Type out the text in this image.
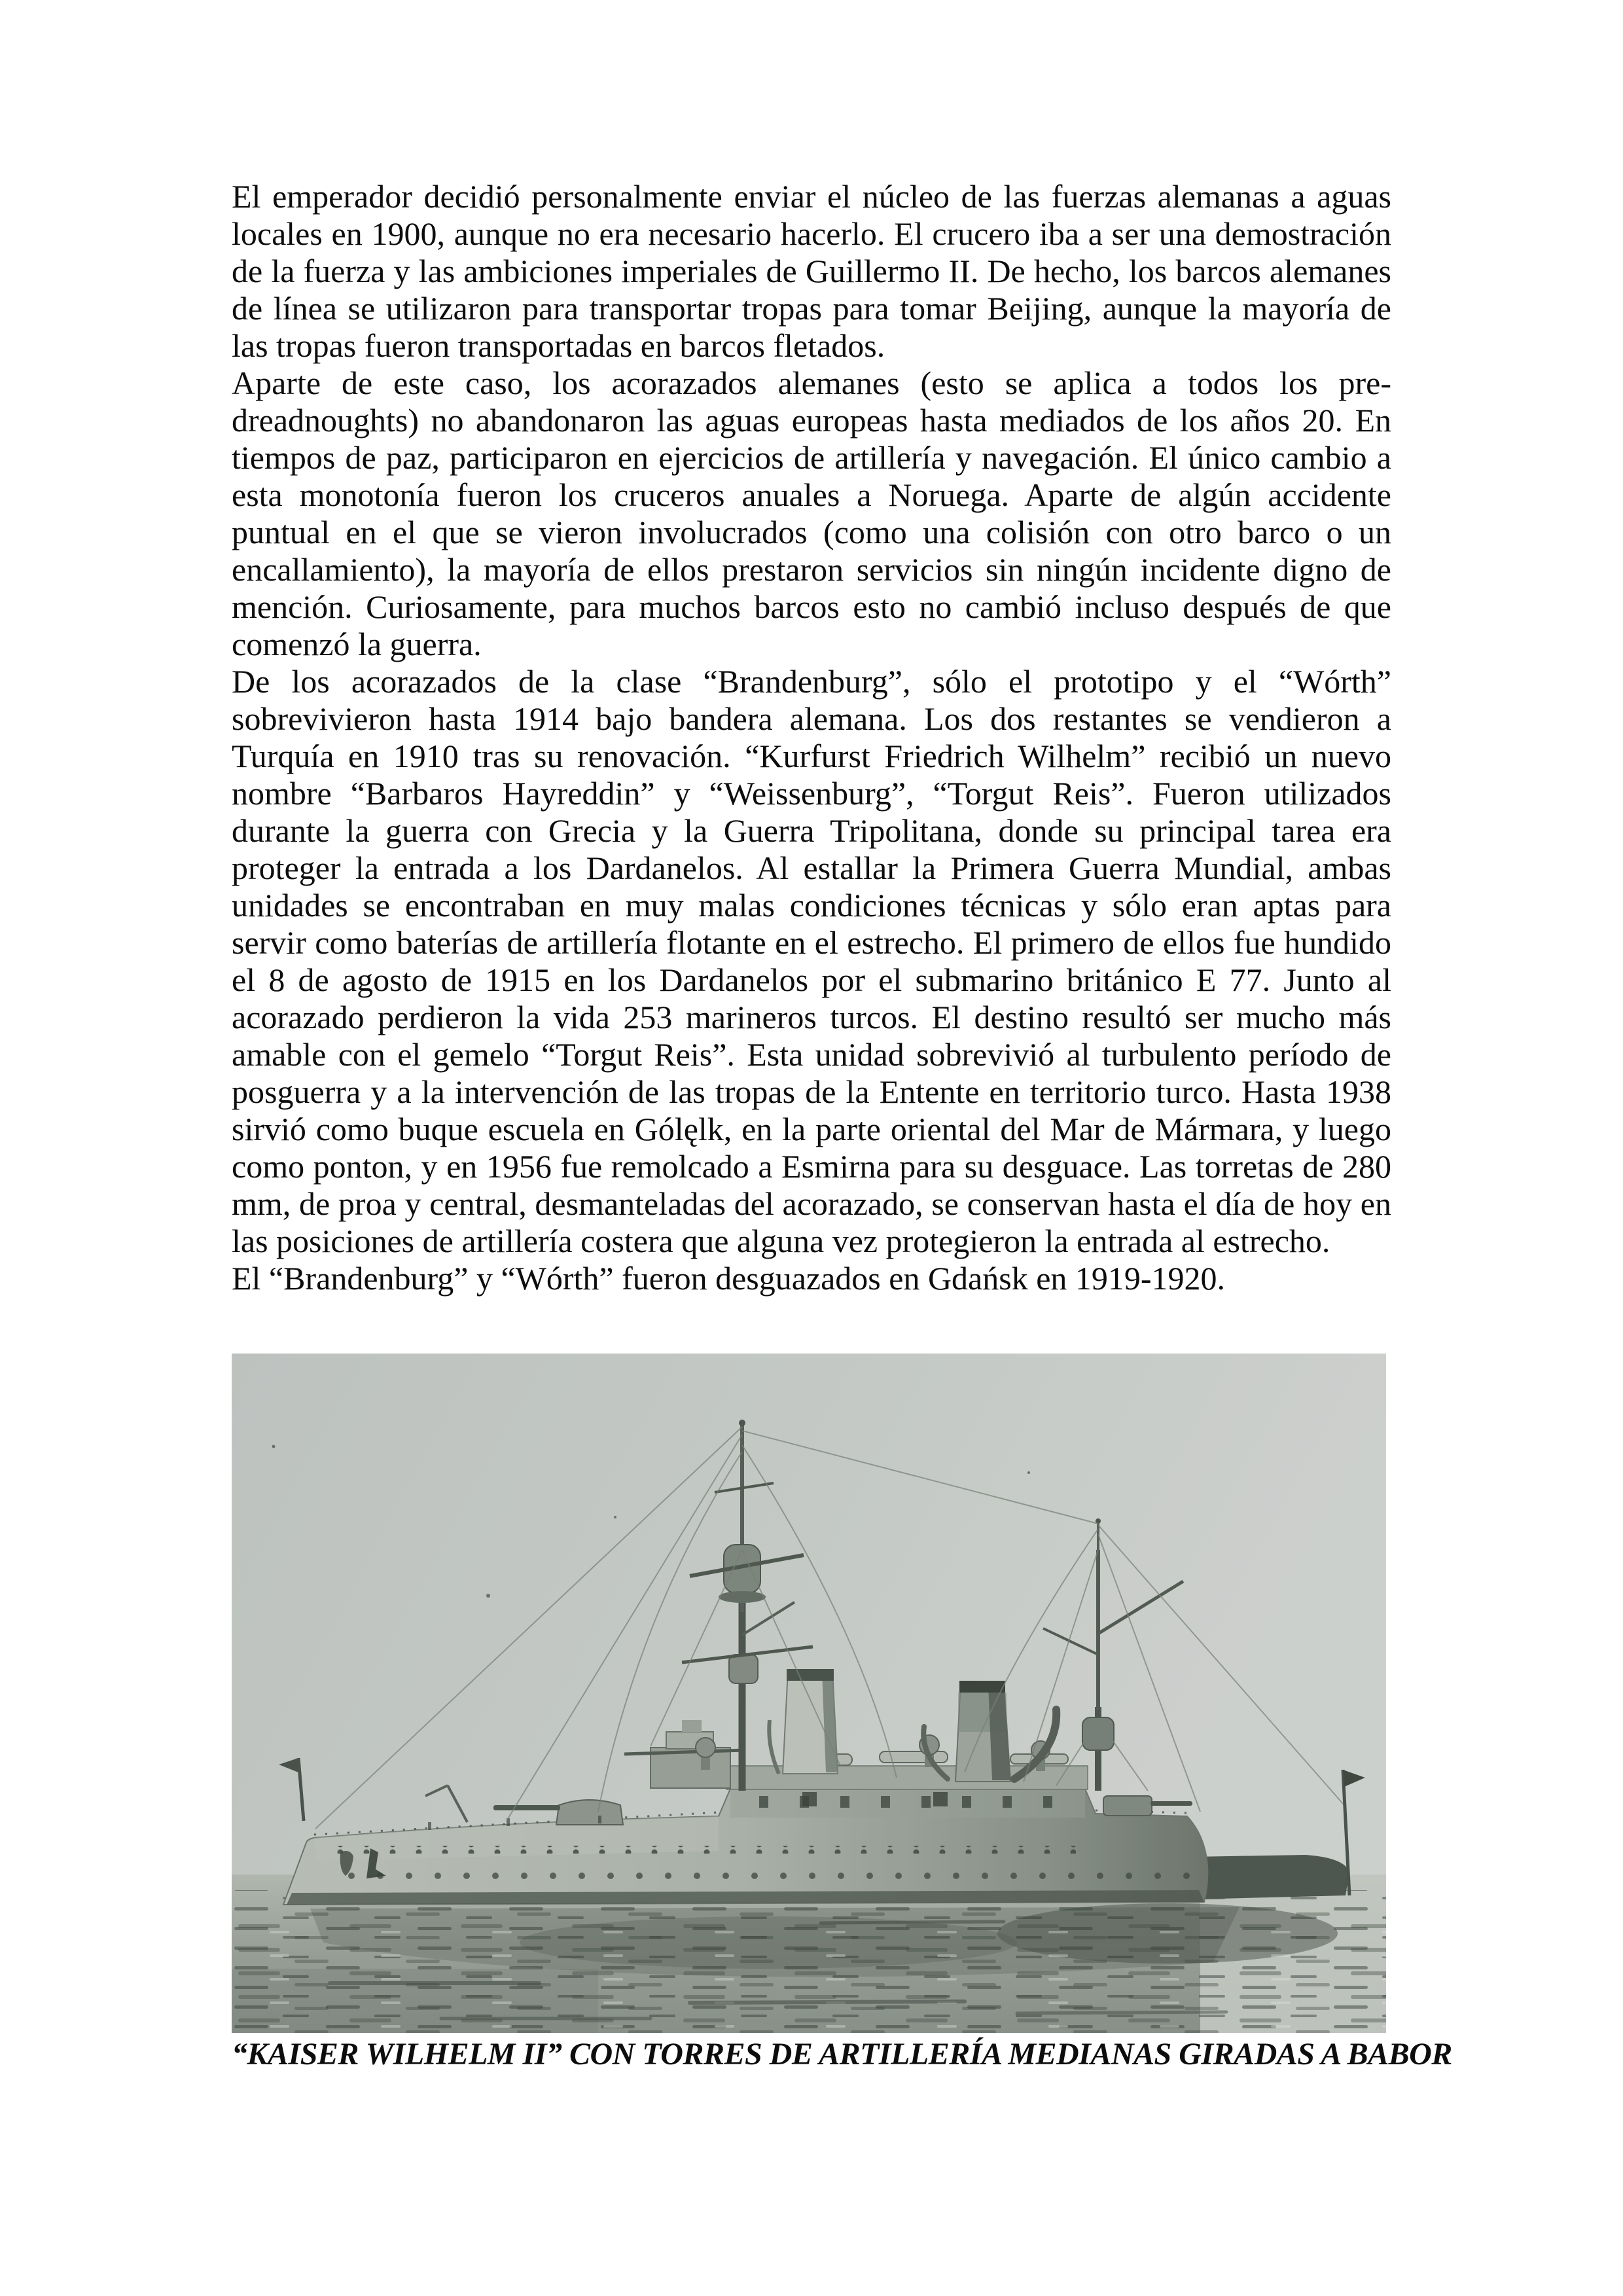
El emperador decidió personalmente enviar el núcleo de las fuerzas alemanas a aguas locales en 1900, aunque no era necesario hacerlo. El crucero iba a ser una demostración de la fuerza y las ambiciones imperiales de Guillermo II. De hecho, los barcos alemanes de línea se utilizaron para transportar tropas para tomar Beijing, aunque la mayoría de las tropas fueron transportadas en barcos fletados.

Aparte de este caso, los acorazados alemanes (esto se aplica a todos los pre-dreadnoughts) no abandonaron las aguas europeas hasta mediados de los años 20. En tiempos de paz, participaron en ejercicios de artillería y navegación. El único cambio a esta monotonía fueron los cruceros anuales a Noruega. Aparte de algún accidente puntual en el que se vieron involucrados (como una colisión con otro barco o un encallamiento), la mayoría de ellos prestaron servicios sin ningún incidente digno de mención. Curiosamente, para muchos barcos esto no cambió incluso después de que comenzó la guerra.

De los acorazados de la clase “Brandenburg”, sólo el prototipo y el “Wórth” sobrevivieron hasta 1914 bajo bandera alemana. Los dos restantes se vendieron a Turquía en 1910 tras su renovación. “Kurfurst Friedrich Wilhelm” recibió un nuevo nombre “Barbaros Hayreddin” y “Weissenburg”, “Torgut Reis”. Fueron utilizados durante la guerra con Grecia y la Guerra Tripolitana, donde su principal tarea era proteger la entrada a los Dardanelos. Al estallar la Primera Guerra Mundial, ambas unidades se encontraban en muy malas condiciones técnicas y sólo eran aptas para servir como baterías de artillería flotante en el estrecho. El primero de ellos fue hundido el 8 de agosto de 1915 en los Dardanelos por el submarino británico E 77. Junto al acorazado perdieron la vida 253 marineros turcos. El destino resultó ser mucho más amable con el gemelo “Torgut Reis”. Esta unidad sobrevivió al turbulento período de posguerra y a la intervención de las tropas de la Entente en territorio turco. Hasta 1938 sirvió como buque escuela en Gólęlk, en la parte oriental del Mar de Mármara, y luego como ponton, y en 1956 fue remolcado a Esmirna para su desguace. Las torretas de 280 mm, de proa y central, desmanteladas del acorazado, se conservan hasta el día de hoy en las posiciones de artillería costera que alguna vez protegieron la entrada al estrecho.

El “Brandenburg” y “Wórth” fueron desguazados en Gdańsk en 1919-1920.

“KAISER WILHELM II” CON TORRES DE ARTILLERÍA MEDIANAS GIRADAS A BABOR
